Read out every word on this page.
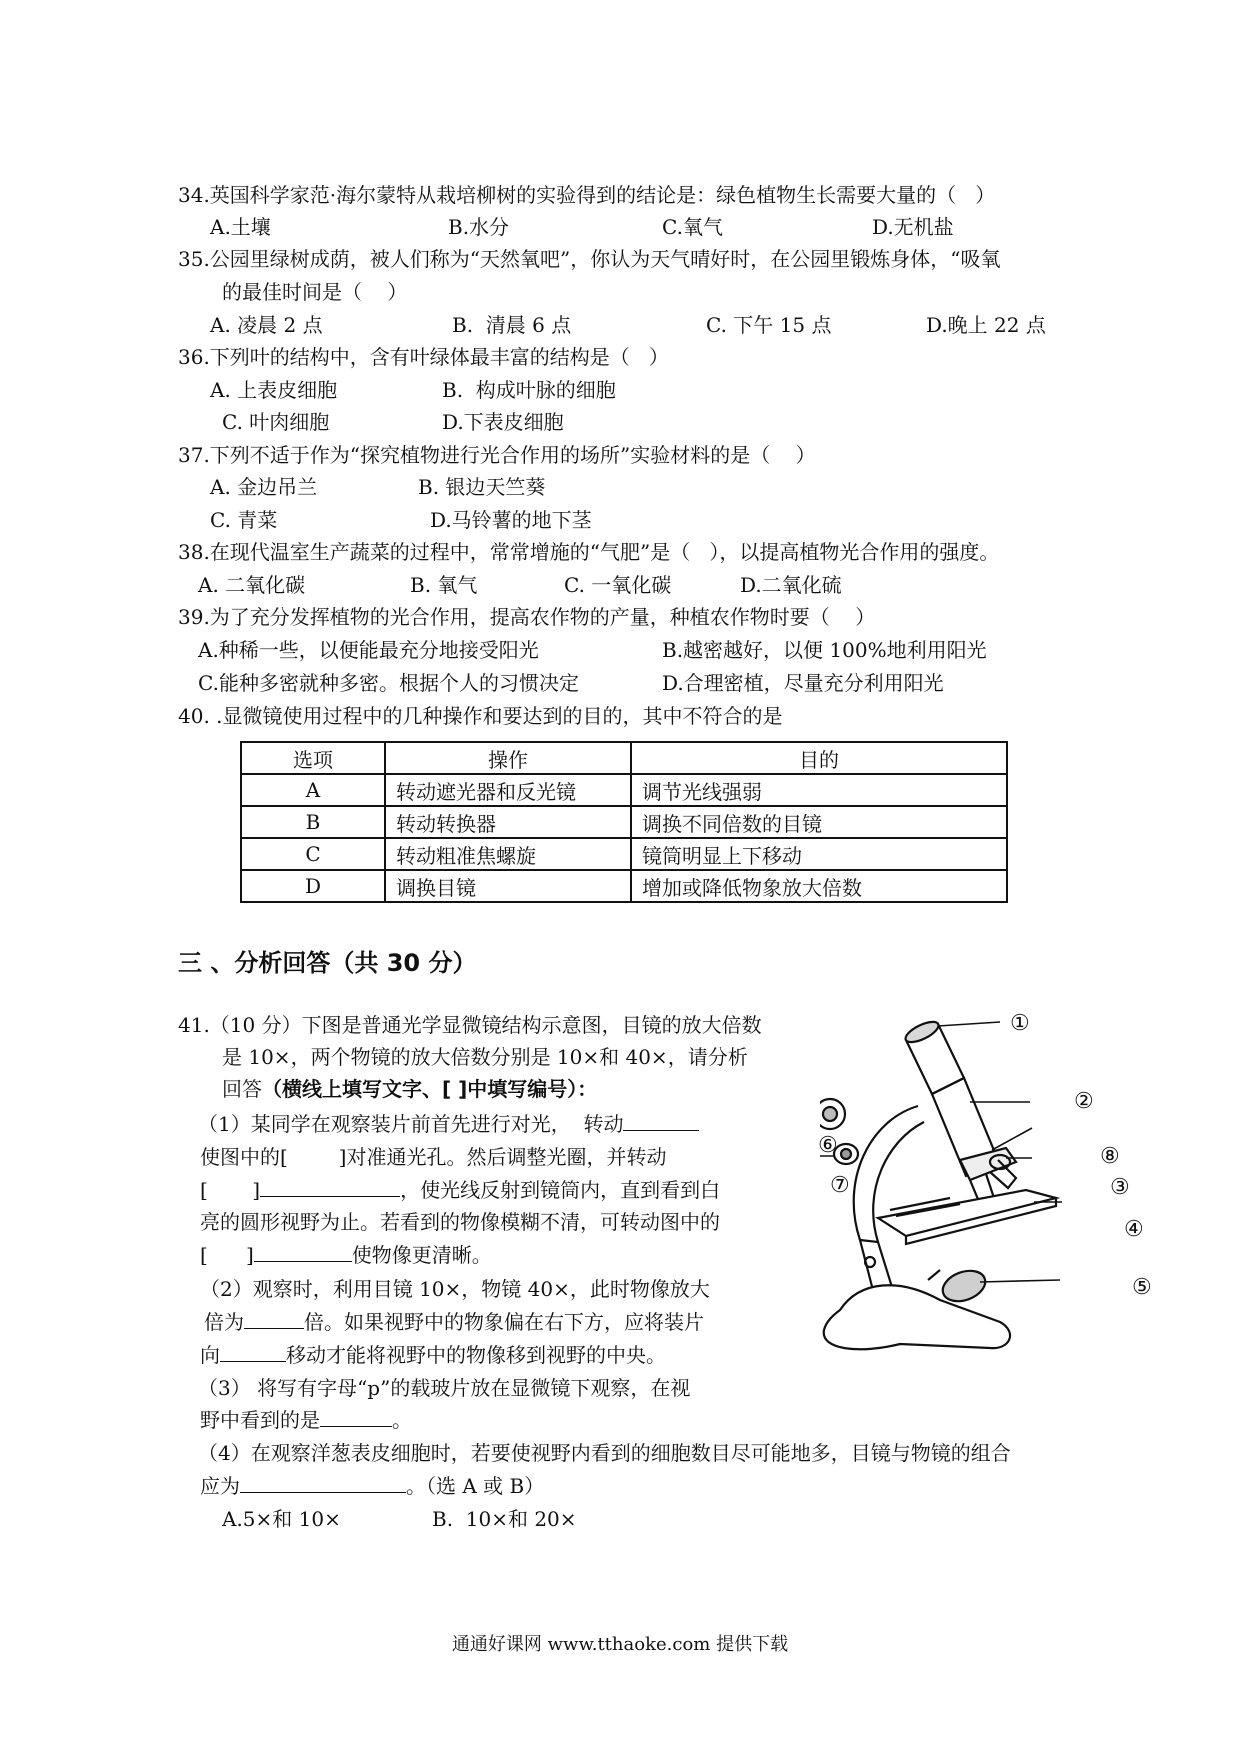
34.英国科学家范·海尔蒙特从栽培柳树的实验得到的结论是：绿色植物生长需要大量的（   ）
A.土壤	B.水分	C.氧气	D.无机盐
35.公园里绿树成荫，被人们称为“天然氧吧”，你认为天气晴好时，在公园里锻炼身体，“吸氧
的最佳时间是（    ）
A. 凌晨 2 点	B.  清晨 6 点	C. 下午 15 点	D.晚上 22 点
36.下列叶的结构中，含有叶绿体最丰富的结构是（   ）
A. 上表皮细胞	B.  构成叶脉的细胞
C. 叶肉细胞	D.下表皮细胞
37.下列不适于作为“探究植物进行光合作用的场所”实验材料的是（    ）
A. 金边吊兰	B. 银边天竺葵
C. 青菜	D.马铃薯的地下茎
38.在现代温室生产蔬菜的过程中，常常增施的“气肥”是（   ），以提高植物光合作用的强度。
A. 二氧化碳	B. 氧气	C. 一氧化碳	D.二氧化硫
39.为了充分发挥植物的光合作用，提高农作物的产量，种植农作物时要（    ）
A.种稀一些，以便能最充分地接受阳光	B.越密越好，以便 100%地利用阳光
C.能种多密就种多密。根据个人的习惯决定	D.合理密植，尽量充分利用阳光
40. .显微镜使用过程中的几种操作和要达到的目的，其中不符合的是
选项	操作	目的
A	转动遮光器和反光镜	调节光线强弱
B	转动转换器	调换不同倍数的目镜
C	转动粗准焦螺旋	镜筒明显上下移动
D	调换目镜	增加或降低物象放大倍数
三 、分析回答（共 30 分）
41.（10 分）下图是普通光学显微镜结构示意图，目镜的放大倍数
是 10×，两个物镜的放大倍数分别是 10×和 40×，请分析
回答（横线上填写文字、[ ]中填写编号）：
（1）某同学在观察装片前首先进行对光，  转动
使图中的[        ]对准通光孔。然后调整光圈，并转动
[       ]	，使光线反射到镜筒内，直到看到白
亮的圆形视野为止。若看到的物像模糊不清，可转动图中的
[      ]	使物像更清晰。
（2）观察时，利用目镜 10×，物镜 40×，此时物像放大
倍为	倍。如果视野中的物象偏在右下方，应将装片
向	移动才能将视野中的物像移到视野的中央。
（3） 将写有字母“p”的载玻片放在显微镜下观察，在视
野中看到的是	。
（4）在观察洋葱表皮细胞时，若要使视野内看到的细胞数目尽可能地多，目镜与物镜的组合
应为	。（选 A 或 B）
A.5×和 10×	B.  10×和 20×
①
②
③
④
⑤
⑥
⑦
⑧
通通好课网 www.tthaoke.com 提供下载
